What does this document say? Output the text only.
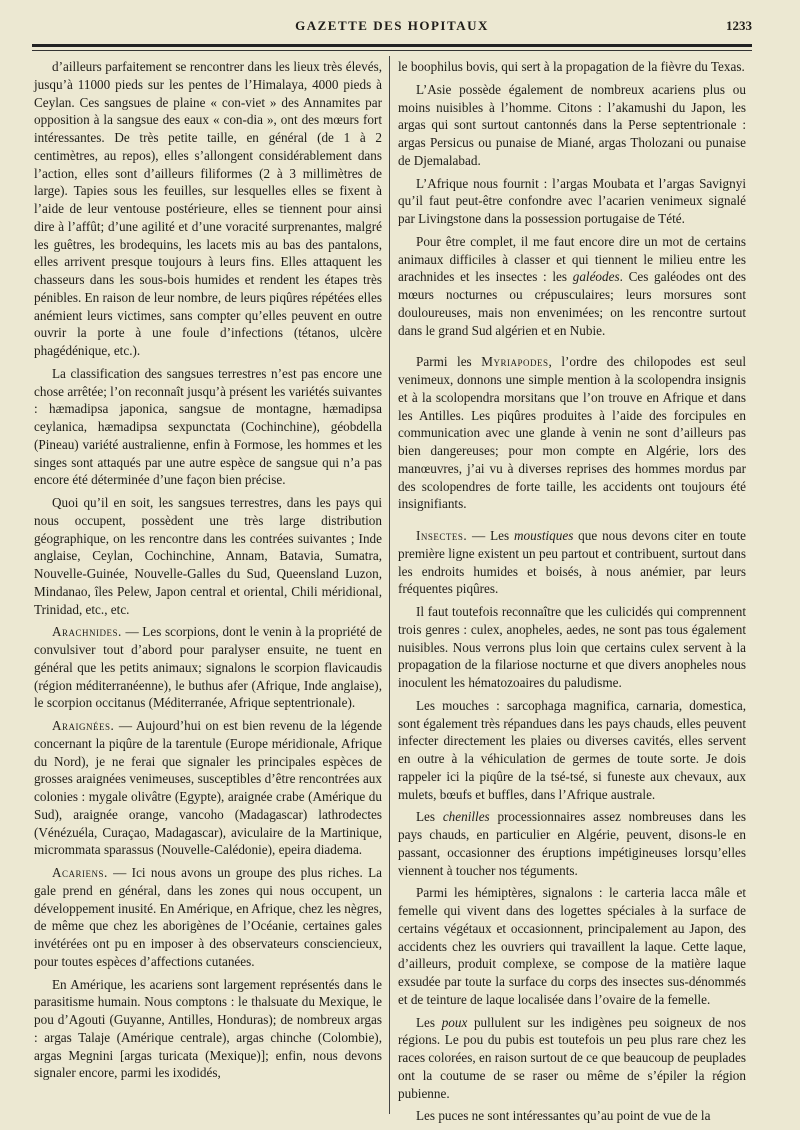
GAZETTE DES HOPITAUX	1233

d’ailleurs parfaitement se rencontrer dans les lieux très élevés, jusqu’à 11000 pieds sur les pentes de l’Himalaya, 4000 pieds à Ceylan. Ces sangsues de plaine « con-viet » des Annamites par opposition à la sangsue des eaux « con-dia », ont des mœurs fort intéressantes. De très petite taille, en général (de 1 à 2 centimètres, au repos), elles s’allongent considérablement dans l’action, elles sont d’ailleurs filiformes (2 à 3 millimètres de large). Tapies sous les feuilles, sur lesquelles elles se fixent à l’aide de leur ventouse postérieure, elles se tiennent pour ainsi dire à l’affût; d’une agilité et d’une voracité surprenantes, malgré les guêtres, les brodequins, les lacets mis au bas des pantalons, elles arrivent presque toujours à leurs fins. Elles attaquent les chasseurs dans les sous-bois humides et rendent les étapes très pénibles. En raison de leur nombre, de leurs piqûres répétées elles anémient leurs victimes, sans compter qu’elles peuvent en outre ouvrir la porte à une foule d’infections (tétanos, ulcère phagédénique, etc.).

La classification des sangsues terrestres n’est pas encore une chose arrêtée; l’on reconnaît jusqu’à présent les variétés suivantes : hæmadipsa japonica, sangsue de montagne, hæmadipsa ceylanica, hæmadipsa sexpunctata (Cochinchine), géobdella (Pineau) variété australienne, enfin à Formose, les hommes et les singes sont attaqués par une autre espèce de sangsue qui n’a pas encore été déterminée d’une façon bien précise.

Quoi qu’il en soit, les sangsues terrestres, dans les pays qui nous occupent, possèdent une très large distribution géographique, on les rencontre dans les contrées suivantes ; Inde anglaise, Ceylan, Cochinchine, Annam, Batavia, Sumatra, Nouvelle-Guinée, Nouvelle-Galles du Sud, Queensland Luzon, Mindanao, îles Pelew, Japon central et oriental, Chili méridional, Trinidad, etc., etc.

Arachnides. — Les scorpions, dont le venin à la propriété de convulsiver tout d’abord pour paralyser ensuite, ne tuent en général que les petits animaux; signalons le scorpion flavicaudis (région méditerranéenne), le buthus afer (Afrique, Inde anglaise), le scorpion occitanus (Méditerranée, Afrique septentrionale).

Araignées. — Aujourd’hui on est bien revenu de la légende concernant la piqûre de la tarentule (Europe méridionale, Afrique du Nord), je ne ferai que signaler les principales espèces de grosses araignées venimeuses, susceptibles d’être rencontrées aux colonies : mygale olivâtre (Egypte), araignée crabe (Amérique du Sud), araignée orange, vancoho (Madagascar) lathrodectes (Vénézuéla, Curaçao, Madagascar), aviculaire de la Martinique, micrommata sparassus (Nouvelle-Calédonie), epeira diadema.

Acariens. — Ici nous avons un groupe des plus riches. La gale prend en général, dans les zones qui nous occupent, un développement inusité. En Amérique, en Afrique, chez les nègres, de même que chez les aborigènes de l’Océanie, certaines gales invétérées ont pu en imposer à des observateurs consciencieux, pour toutes espèces d’affections cutanées.

En Amérique, les acariens sont largement représentés dans le parasitisme humain. Nous comptons : le thalsuate du Mexique, le pou d’Agouti (Guyanne, Antilles, Honduras); de nombreux argas : argas Talaje (Amérique centrale), argas chinche (Colombie), argas Megnini [argas turicata (Mexique)]; enfin, nous devons signaler encore, parmi les ixodidés,

le boophilus bovis, qui sert à la propagation de la fièvre du Texas.

L’Asie possède également de nombreux acariens plus ou moins nuisibles à l’homme. Citons : l’akamushi du Japon, les argas qui sont surtout cantonnés dans la Perse septentrionale : argas Persicus ou punaise de Miané, argas Tholozani ou punaise de Djemalabad.

L’Afrique nous fournit : l’argas Moubata et l’argas Savignyi qu’il faut peut-être confondre avec l’acarien venimeux signalé par Livingstone dans la possession portugaise de Tété.

Pour être complet, il me faut encore dire un mot de certains animaux difficiles à classer et qui tiennent le milieu entre les arachnides et les insectes : les galéodes. Ces galéodes ont des mœurs nocturnes ou crépusculaires; leurs morsures sont douloureuses, mais non envenimées; on les rencontre surtout dans le grand Sud algérien et en Nubie.

Parmi les Myriapodes, l’ordre des chilopodes est seul venimeux, donnons une simple mention à la scolopendra insignis et à la scolopendra morsitans que l’on trouve en Afrique et dans les Antilles. Les piqûres produites à l’aide des forcipules en communication avec une glande à venin ne sont d’ailleurs pas bien dangereuses; pour mon compte en Algérie, lors des manœuvres, j’ai vu à diverses reprises des hommes mordus par des scolopendres de forte taille, les accidents ont toujours été insignifiants.

Insectes. — Les moustiques que nous devons citer en toute première ligne existent un peu partout et contribuent, surtout dans les endroits humides et boisés, à nous anémier, par leurs fréquentes piqûres.

Il faut toutefois reconnaître que les culicidés qui comprennent trois genres : culex, anopheles, aedes, ne sont pas tous également nuisibles. Nous verrons plus loin que certains culex servent à la propagation de la filariose nocturne et que divers anopheles nous inoculent les hématozoaires du paludisme.

Les mouches : sarcophaga magnifica, carnaria, domestica, sont également très répandues dans les pays chauds, elles peuvent infecter directement les plaies ou diverses cavités, elles servent en outre à la véhiculation de germes de toute sorte. Je dois rappeler ici la piqûre de la tsé-tsé, si funeste aux chevaux, aux mulets, bœufs et buffles, dans l’Afrique australe.

Les chenilles processionnaires assez nombreuses dans les pays chauds, en particulier en Algérie, peuvent, disons-le en passant, occasionner des éruptions impétigineuses lorsqu’elles viennent à toucher nos téguments.

Parmi les hémiptères, signalons : le carteria lacca mâle et femelle qui vivent dans des logettes spéciales à la surface de certains végétaux et occasionnent, principalement au Japon, des accidents chez les ouvriers qui travaillent la laque. Cette laque, d’ailleurs, produit complexe, se compose de la matière laque exsudée par toute la surface du corps des insectes sus-dénommés et de teinture de laque localisée dans l’ovaire de la femelle.

Les poux pullulent sur les indigènes peu soigneux de nos régions. Le pou du pubis est toutefois un peu plus rare chez les races colorées, en raison surtout de ce que beaucoup de peuplades ont la coutume de se raser ou même de s’épiler la région pubienne.

Les puces ne sont intéressantes qu’au point de vue de la
